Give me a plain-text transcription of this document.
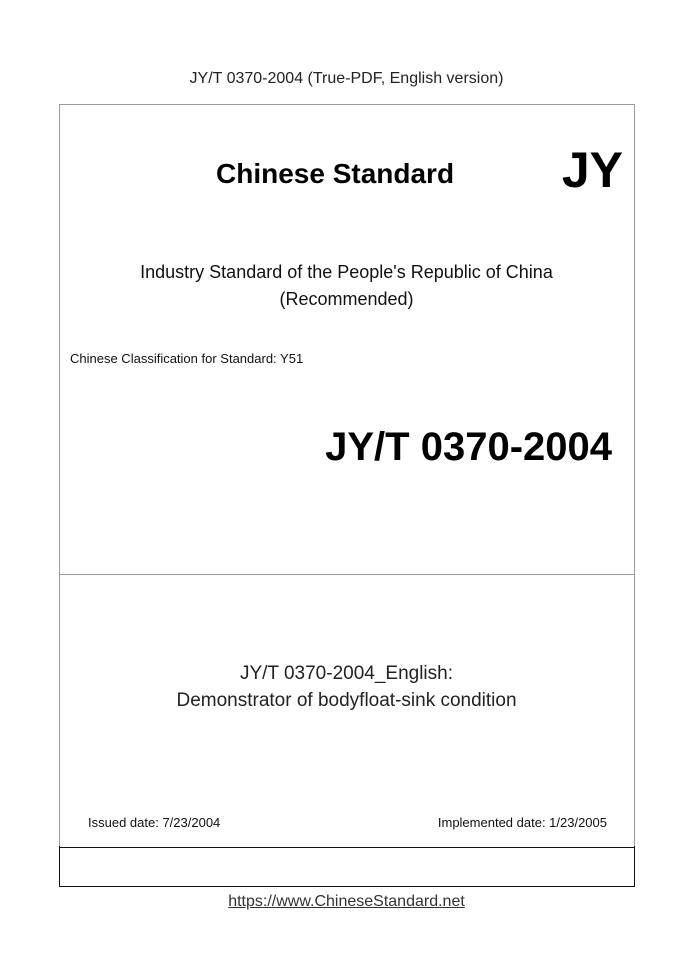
JY/T 0370-2004 (True-PDF, English version)
Chinese Standard JY
Industry Standard of the People's Republic of China
(Recommended)
Chinese Classification for Standard: Y51
JY/T 0370-2004
JY/T 0370-2004_English:
Demonstrator of bodyfloat-sink condition
Issued date: 7/23/2004	Implemented date: 1/23/2005
https://www.ChineseStandard.net
